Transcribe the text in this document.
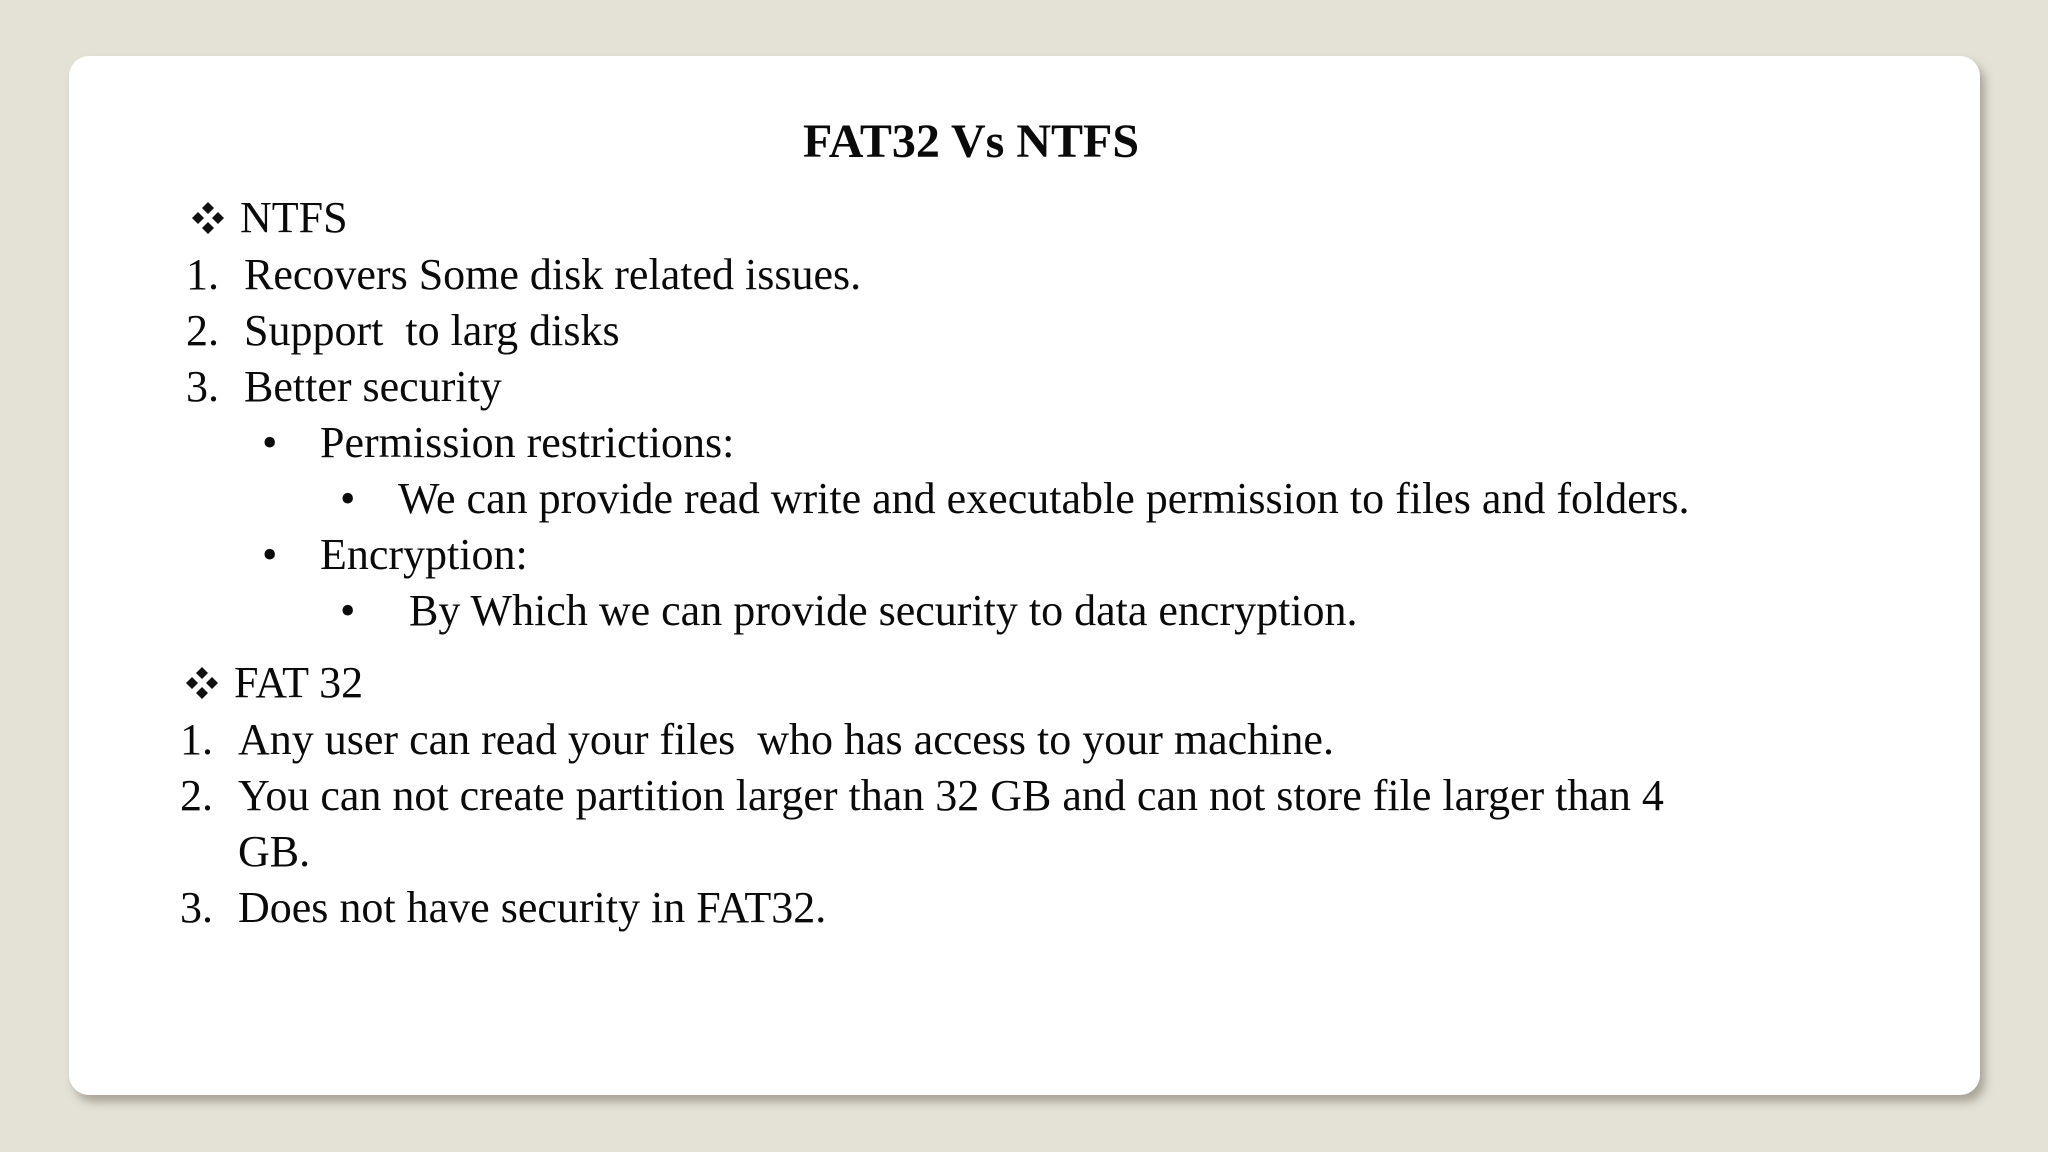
FAT32 Vs NTFS
NTFS
1. Recovers Some disk related issues.
2. Support  to larg disks
3. Better security
• Permission restrictions:
• We can provide read write and executable permission to files and folders.
• Encryption:
• By Which we can provide security to data encryption.
FAT 32
1. Any user can read your files  who has access to your machine.
2. You can not create partition larger than 32 GB and can not store file larger than 4
GB.
3. Does not have security in FAT32.
